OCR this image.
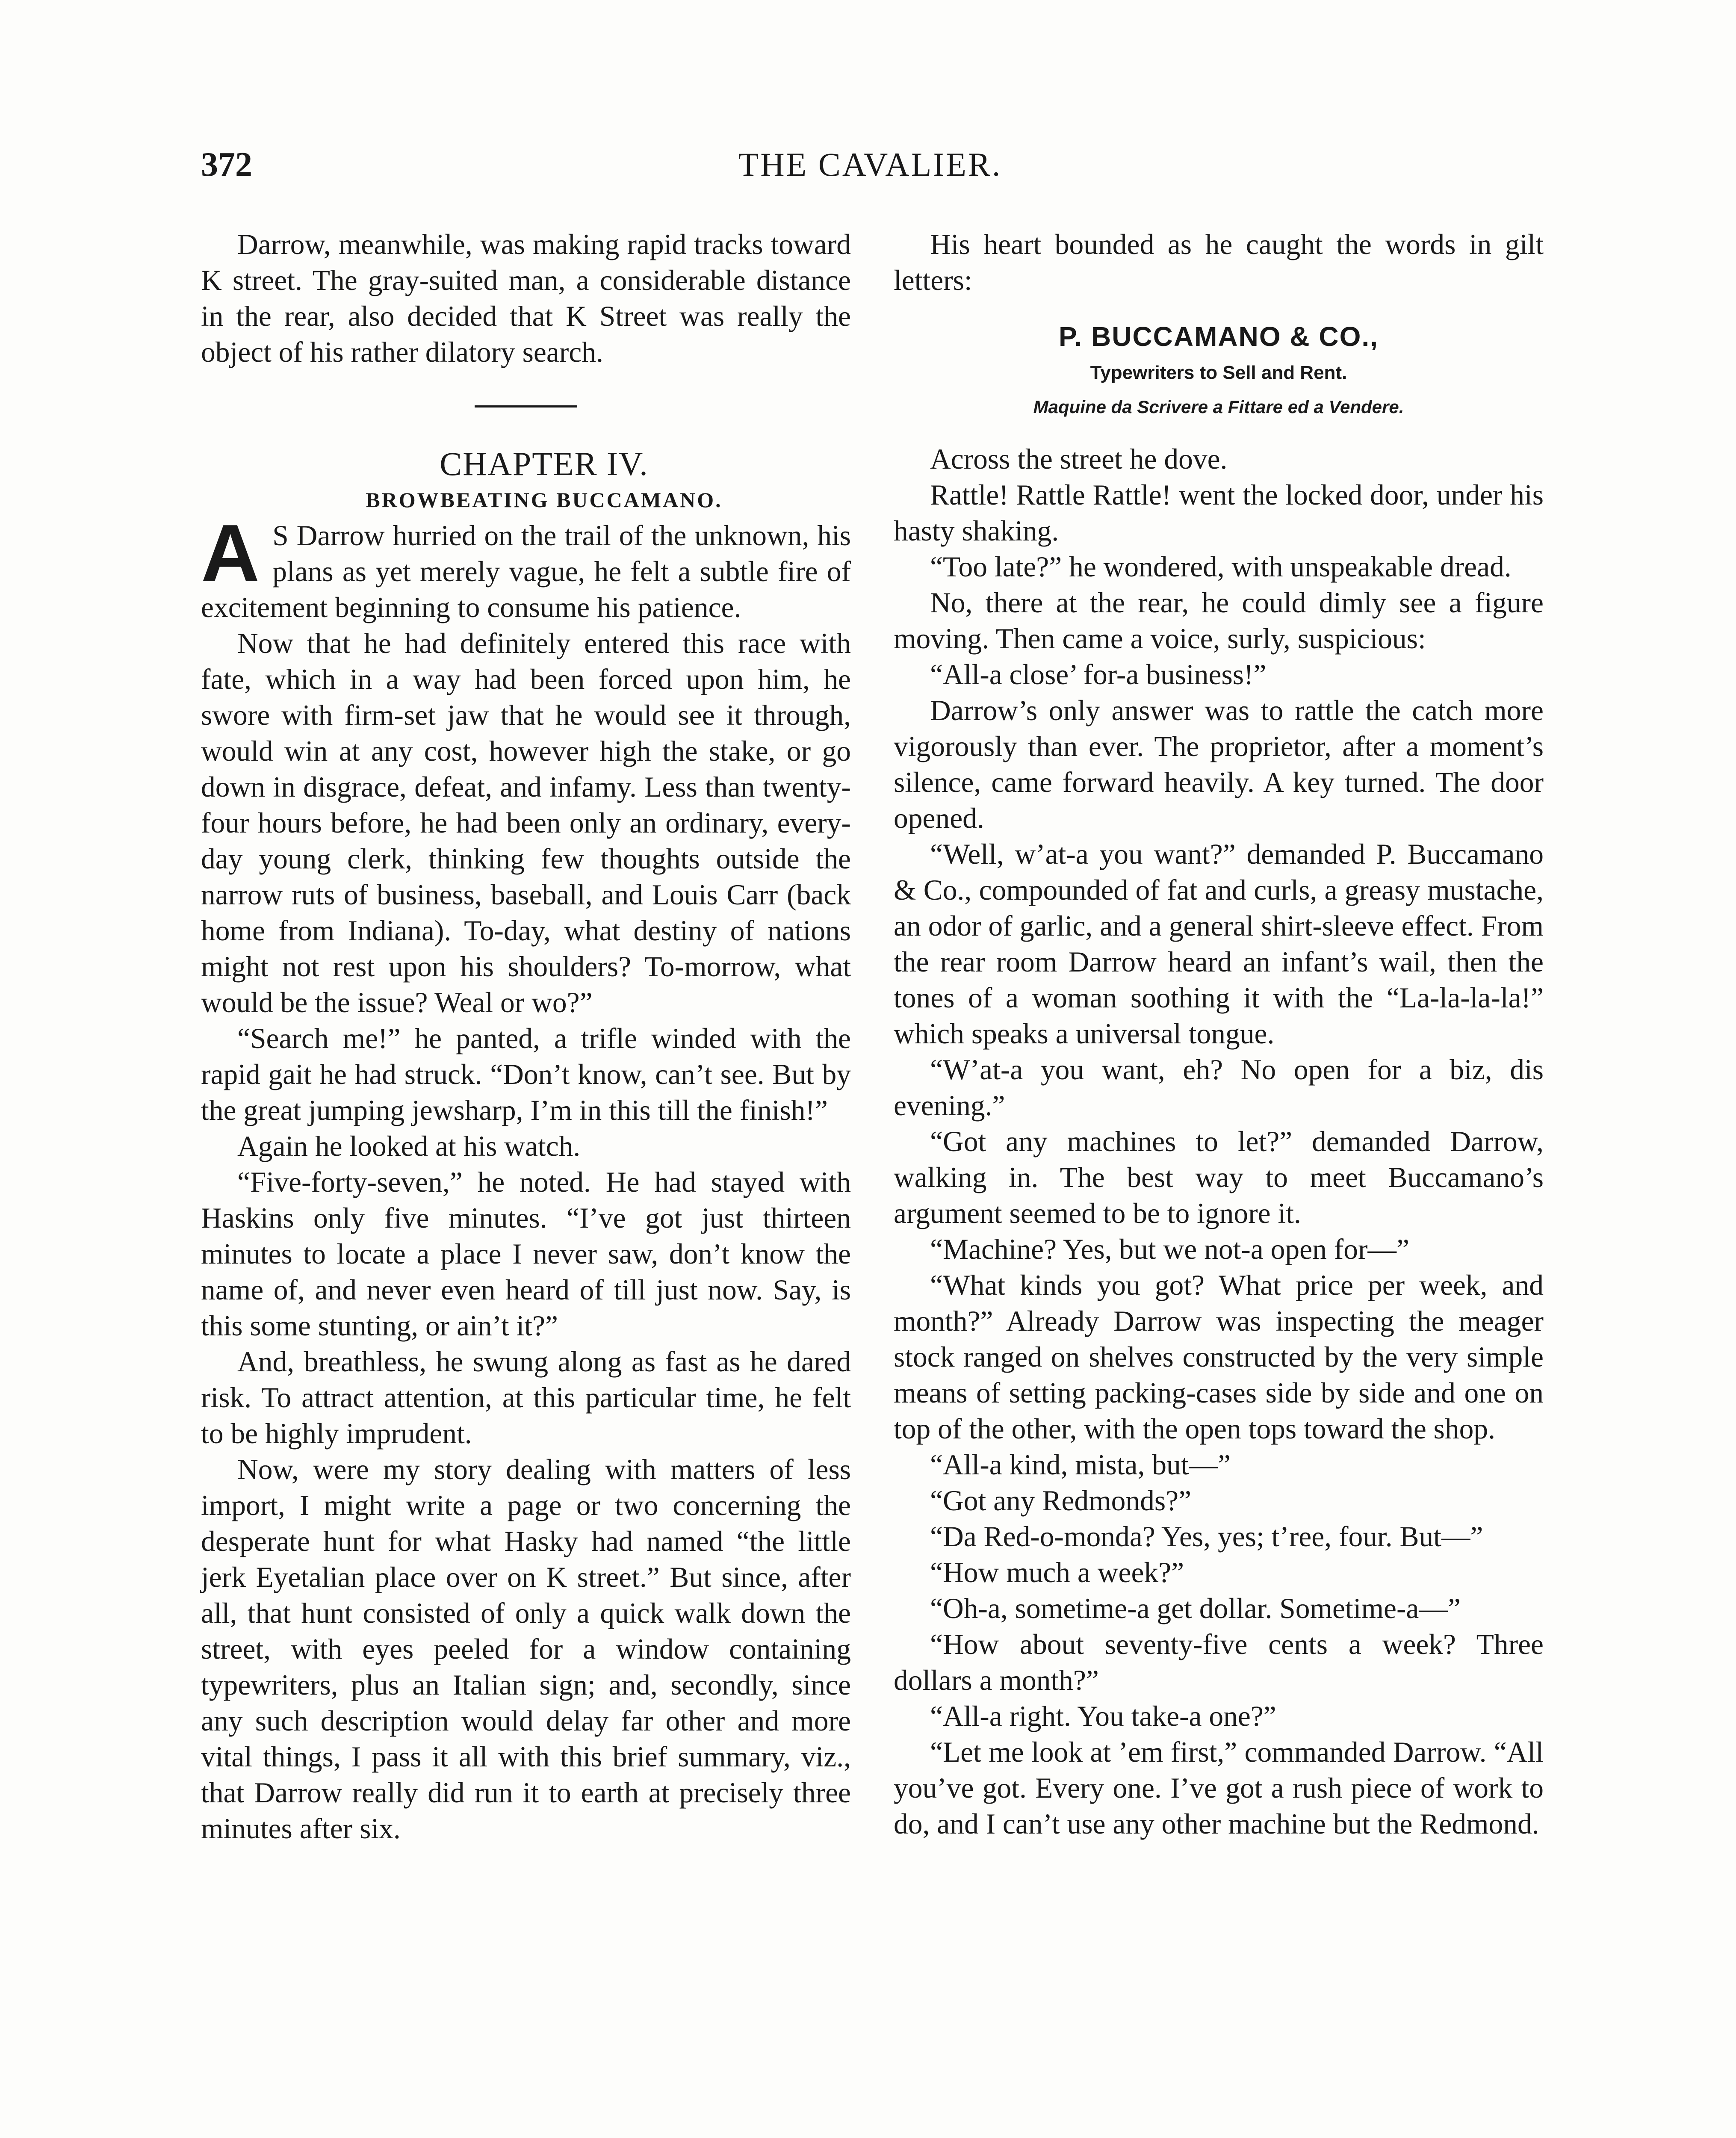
372	THE CAVALIER.

Darrow, meanwhile, was making rapid tracks toward K street. The gray-suited man, a considerable distance in the rear, also decided that K Street was really the object of his rather dilatory search.

CHAPTER IV.

BROWBEATING BUCCAMANO.

A S Darrow hurried on the trail of the unknown, his plans as yet merely vague, he felt a subtle fire of excitement beginning to consume his patience.

Now that he had definitely entered this race with fate, which in a way had been forced upon him, he swore with firm-set jaw that he would see it through, would win at any cost, however high the stake, or go down in disgrace, defeat, and infamy. Less than twenty-four hours before, he had been only an ordinary, every-day young clerk, thinking few thoughts outside the narrow ruts of business, baseball, and Louis Carr (back home from Indiana). To-day, what destiny of nations might not rest upon his shoulders? To-morrow, what would be the issue? Weal or wo?”

“Search me!” he panted, a trifle winded with the rapid gait he had struck. “Don’t know, can’t see. But by the great jumping jewsharp, I’m in this till the finish!”

Again he looked at his watch.

“Five-forty-seven,” he noted. He had stayed with Haskins only five minutes. “I’ve got just thirteen minutes to locate a place I never saw, don’t know the name of, and never even heard of till just now. Say, is this some stunting, or ain’t it?”

And, breathless, he swung along as fast as he dared risk. To attract attention, at this particular time, he felt to be highly imprudent.

Now, were my story dealing with matters of less import, I might write a page or two concerning the desperate hunt for what Hasky had named “the little jerk Eyetalian place over on K street.” But since, after all, that hunt consisted of only a quick walk down the street, with eyes peeled for a window containing typewriters, plus an Italian sign; and, secondly, since any such description would delay far other and more vital things, I pass it all with this brief summary, viz., that Darrow really did run it to earth at precisely three minutes after six.

His heart bounded as he caught the words in gilt letters:

P. BUCCAMANO & CO.,
Typewriters to Sell and Rent.
Maquine da Scrivere a Fittare ed a Vendere.

Across the street he dove.

Rattle! Rattle Rattle! went the locked door, under his hasty shaking.

“Too late?” he wondered, with unspeakable dread.

No, there at the rear, he could dimly see a figure moving. Then came a voice, surly, suspicious:

“All-a close’ for-a business!”

Darrow’s only answer was to rattle the catch more vigorously than ever. The proprietor, after a moment’s silence, came forward heavily. A key turned. The door opened.

“Well, w’at-a you want?” demanded P. Buccamano & Co., compounded of fat and curls, a greasy mustache, an odor of garlic, and a general shirt-sleeve effect. From the rear room Darrow heard an infant’s wail, then the tones of a woman soothing it with the “La-la-la-la!” which speaks a universal tongue.

“W’at-a you want, eh? No open for a biz, dis evening.”

“Got any machines to let?” demanded Darrow, walking in. The best way to meet Buccamano’s argument seemed to be to ignore it.

“Machine? Yes, but we not-a open for—”

“What kinds you got? What price per week, and month?” Already Darrow was inspecting the meager stock ranged on shelves constructed by the very simple means of setting packing-cases side by side and one on top of the other, with the open tops toward the shop.

“All-a kind, mista, but—”

“Got any Redmonds?”

“Da Red-o-monda? Yes, yes; t’ree, four. But—”

“How much a week?”

“Oh-a, sometime-a get dollar. Sometime-a—”

“How about seventy-five cents a week? Three dollars a month?”

“All-a right. You take-a one?”

“Let me look at ’em first,” commanded Darrow. “All you’ve got. Every one. I’ve got a rush piece of work to do, and I can’t use any other machine but the Redmond.
